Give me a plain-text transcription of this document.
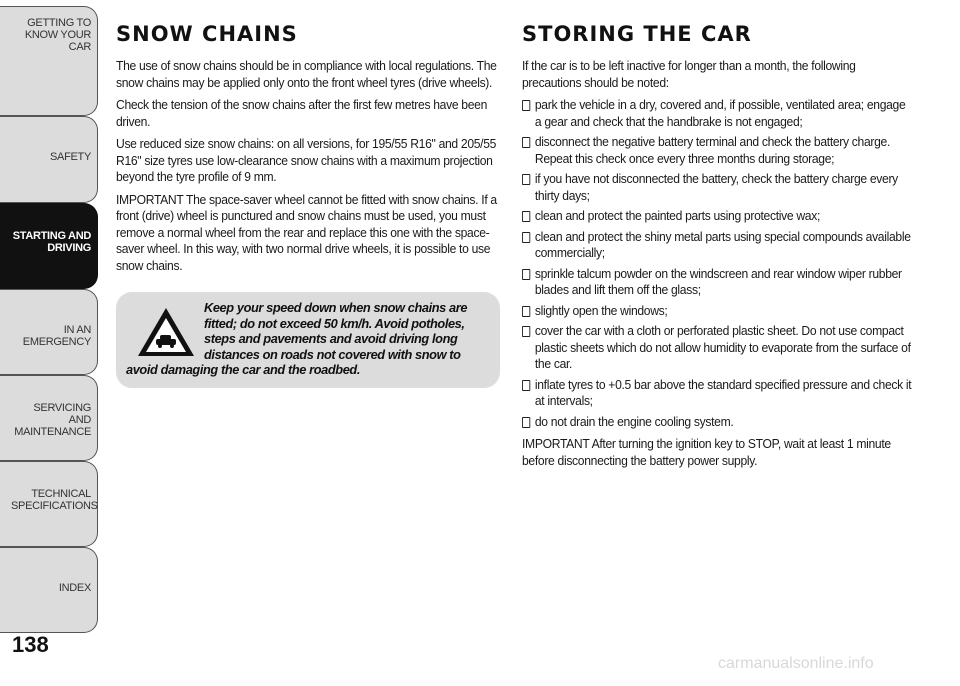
GETTING TO KNOW YOUR CAR
SAFETY
STARTING AND DRIVING
IN AN EMERGENCY
SERVICING AND MAINTENANCE
TECHNICAL SPECIFICATIONS
INDEX
138
SNOW CHAINS

The use of snow chains should be in compliance with local regulations. The snow chains may be applied only onto the front wheel tyres (drive wheels).

Check the tension of the snow chains after the first few metres have been driven.

Use reduced size snow chains: on all versions, for 195/55 R16" and 205/55 R16" size tyres use low-clearance snow chains with a maximum projection beyond the tyre profile of 9 mm.

IMPORTANT The space-saver wheel cannot be fitted with snow chains. If a front (drive) wheel is punctured and snow chains must be used, you must remove a normal wheel from the rear and replace this one with the space-saver wheel. In this way, with two normal drive wheels, it is possible to use snow chains.

Keep your speed down when snow chains are fitted; do not exceed 50 km/h. Avoid potholes, steps and pavements and avoid driving long distances on roads not covered with snow to avoid damaging the car and the roadbed.
STORING THE CAR

If the car is to be left inactive for longer than a month, the following precautions should be noted:

park the vehicle in a dry, covered and, if possible, ventilated area; engage a gear and check that the handbrake is not engaged;
disconnect the negative battery terminal and check the battery charge. Repeat this check once every three months during storage;
if you have not disconnected the battery, check the battery charge every thirty days;
clean and protect the painted parts using protective wax;
clean and protect the shiny metal parts using special compounds available commercially;
sprinkle talcum powder on the windscreen and rear window wiper rubber blades and lift them off the glass;
slightly open the windows;
cover the car with a cloth or perforated plastic sheet. Do not use compact plastic sheets which do not allow humidity to evaporate from the surface of the car.
inflate tyres to +0.5 bar above the standard specified pressure and check it at intervals;
do not drain the engine cooling system.

IMPORTANT After turning the ignition key to STOP, wait at least 1 minute before disconnecting the battery power supply.

carmanualsonline.info
